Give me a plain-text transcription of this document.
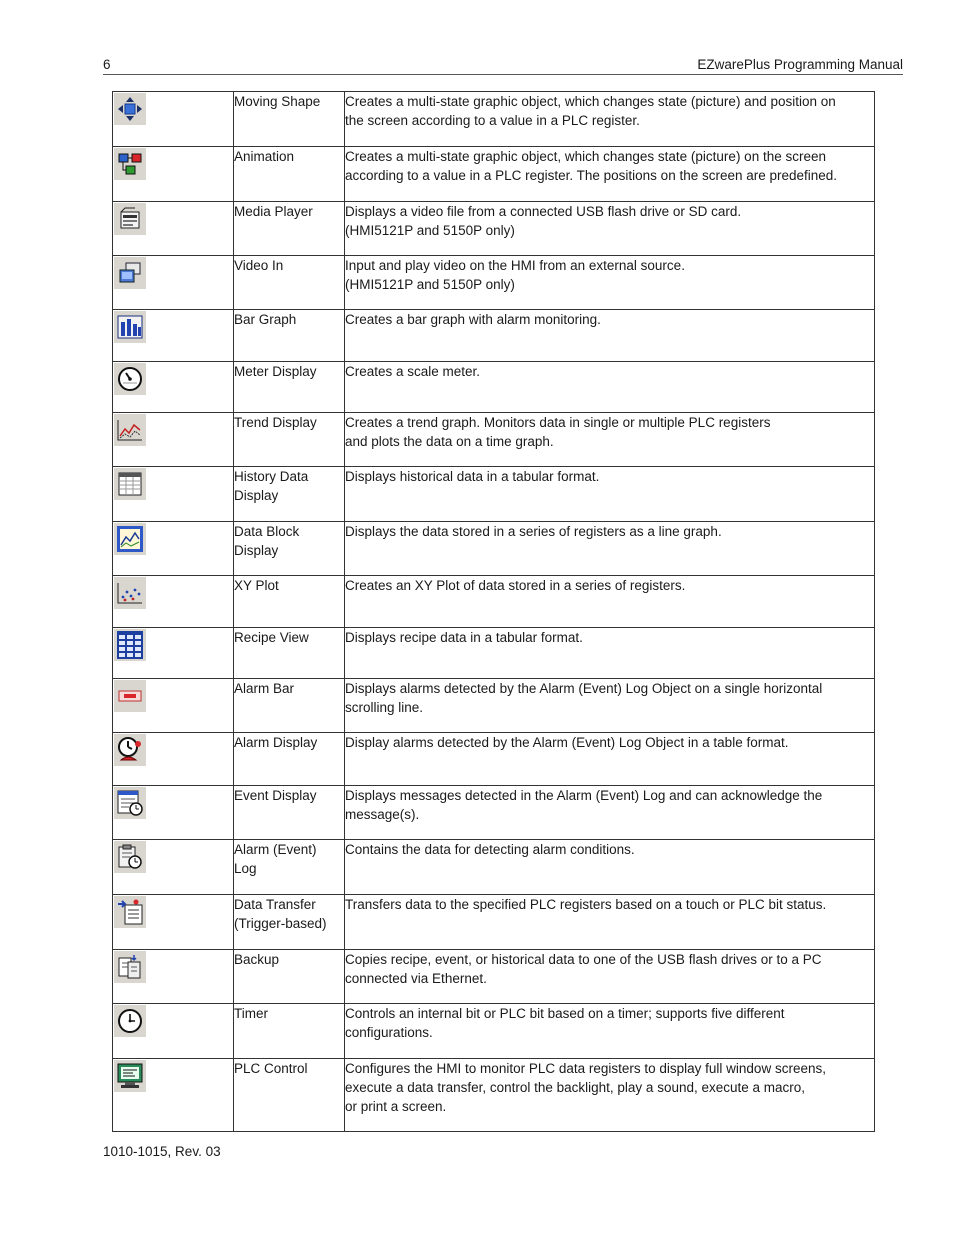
6	EZwarePlus Programming Manual

Moving Shape	Creates a multi-state graphic object, which changes state (picture) and position on
the screen according to a value in a PLC register.

Animation	Creates a multi-state graphic object, which changes state (picture) on the screen
according to a value in a PLC register. The positions on the screen are predefined.

Media Player	Displays a video file from a connected USB flash drive or SD card.
(HMI5121P and 5150P only)

Video In	Input and play video on the HMI from an external source.
(HMI5121P and 5150P only)

Bar Graph	Creates a bar graph with alarm monitoring.

Meter Display	Creates a scale meter.

Trend Display	Creates a trend graph. Monitors data in single or multiple PLC registers
and plots the data on a time graph.

History Data
Display	Displays historical data in a tabular format.

Data Block
Display	Displays the data stored in a series of registers as a line graph.

XY Plot	Creates an XY Plot of data stored in a series of registers.

Recipe View	Displays recipe data in a tabular format.

Alarm Bar	Displays alarms detected by the Alarm (Event) Log Object on a single horizontal
scrolling line.

Alarm Display	Display alarms detected by the Alarm (Event) Log Object in a table format.

Event Display	Displays messages detected in the Alarm (Event) Log and can acknowledge the
message(s).

Alarm (Event)
Log	Contains the data for detecting alarm conditions.

Data Transfer
(Trigger-based)	Transfers data to the specified PLC registers based on a touch or PLC bit status.

Backup	Copies recipe, event, or historical data to one of the USB flash drives or to a PC
connected via Ethernet.

Timer	Controls an internal bit or PLC bit based on a timer; supports five different
configurations.

PLC Control	Configures the HMI to monitor PLC data registers to display full window screens,
execute a data transfer, control the backlight, play a sound, execute a macro,
or print a screen.
1010-1015, Rev. 03
